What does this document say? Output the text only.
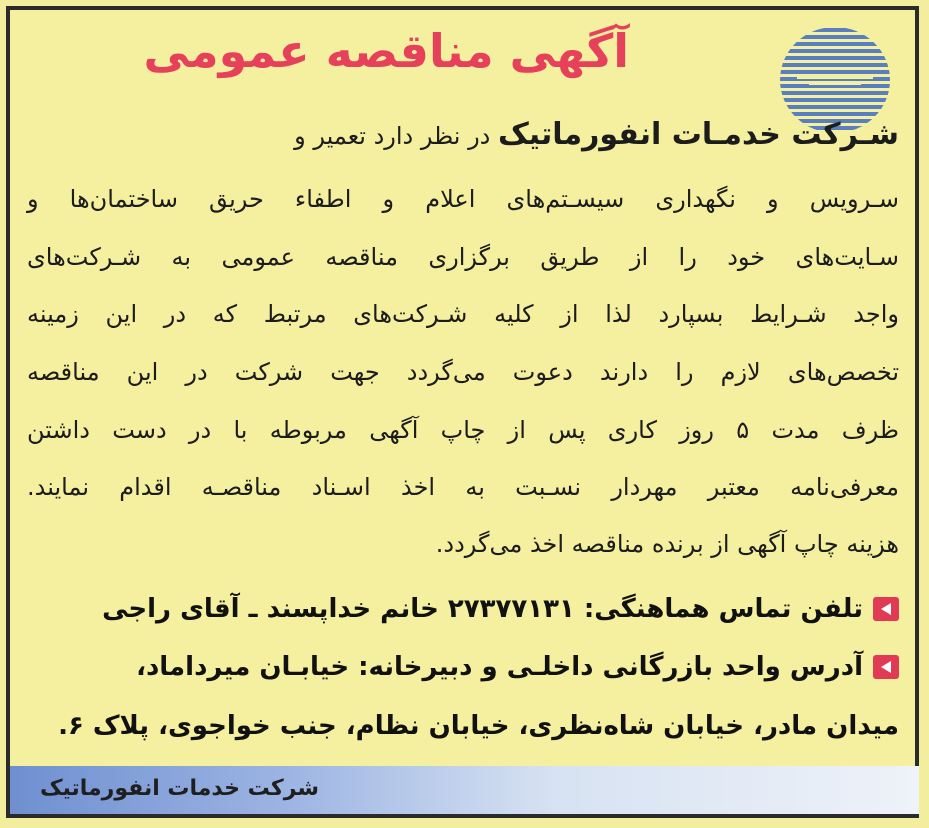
آگهی مناقصه عمومی
شـرکت خدمـات انفورماتیک در نظر دارد تعمیر و
سـرویس و نگهداری سیسـتم‌های اعلام و اطفاء حریق ساختمان‌ها و
سـایت‌های خود را از طریق برگزاری مناقصه عمومی به شـرکت‌های
واجد شـرایط بسپارد لذا از کلیه شـرکت‌های مرتبط که در این زمینه
تخصص‌های لازم را دارند دعوت می‌گردد جهت شرکت در این مناقصه
ظرف مدت ۵ روز کاری پس از چاپ آگهی مربوطه با در دست داشتن
معرفی‌نامه معتبر مهردار نسـبت به اخذ اسـناد مناقصـه اقدام نمایند.
هزینه چاپ آگهی از برنده مناقصه اخذ می‌گردد.
تلفن تماس هماهنگی: ۲۷۳۷۷۱۳۱ خانم خداپسند ـ آقای راجی
آدرس واحد بازرگانی داخلـی و دبیرخانه: خیابـان میرداماد،
میدان مادر، خیابان شاه‌نظری، خیابان نظام، جنب خواجوی، پلاک ۶.
شرکت خدمات انفورماتیک
